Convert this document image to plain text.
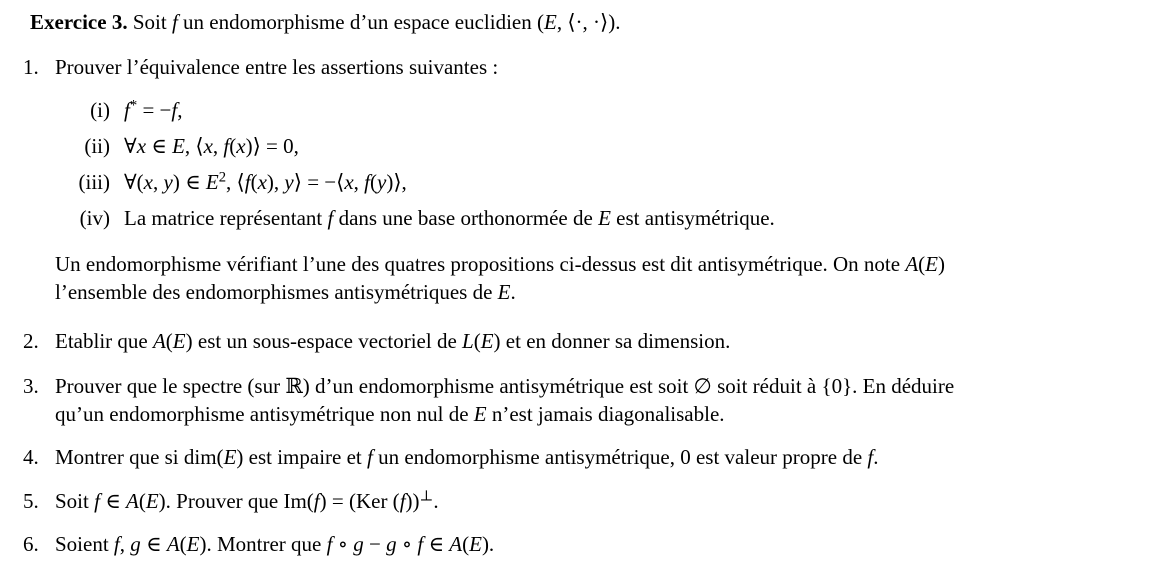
Exercice 3. Soit f un endomorphisme d’un espace euclidien (E, ⟨·, ·⟩).

1. Prouver l’équivalence entre les assertions suivantes :
(i) f* = −f,
(ii) ∀x ∈ E, ⟨x, f(x)⟩ = 0,
(iii) ∀(x, y) ∈ $E^2$, ⟨f(x), y⟩ = −⟨x, f(y)⟩,
(iv) La matrice représentant f dans une base orthonormée de E est antisymétrique.

Un endomorphisme vérifiant l’une des quatres propositions ci-dessus est dit antisymétrique. On note A(E)
l’ensemble des endomorphismes antisymétriques de E.

2. Etablir que A(E) est un sous-espace vectoriel de L(E) et en donner sa dimension.
3. Prouver que le spectre (sur ℝ) d’un endomorphisme antisymétrique est soit ∅ soit réduit à {0}. En déduire
qu’un endomorphisme antisymétrique non nul de E n’est jamais diagonalisable.
4. Montrer que si dim(E) est impaire et f un endomorphisme antisymétrique, 0 est valeur propre de f.
5. Soit f ∈ A(E). Prouver que Im(f) = (Ker (f))⊥.
6. Soient f, g ∈ A(E). Montrer que f ∘ g − g ∘ f ∈ A(E).
